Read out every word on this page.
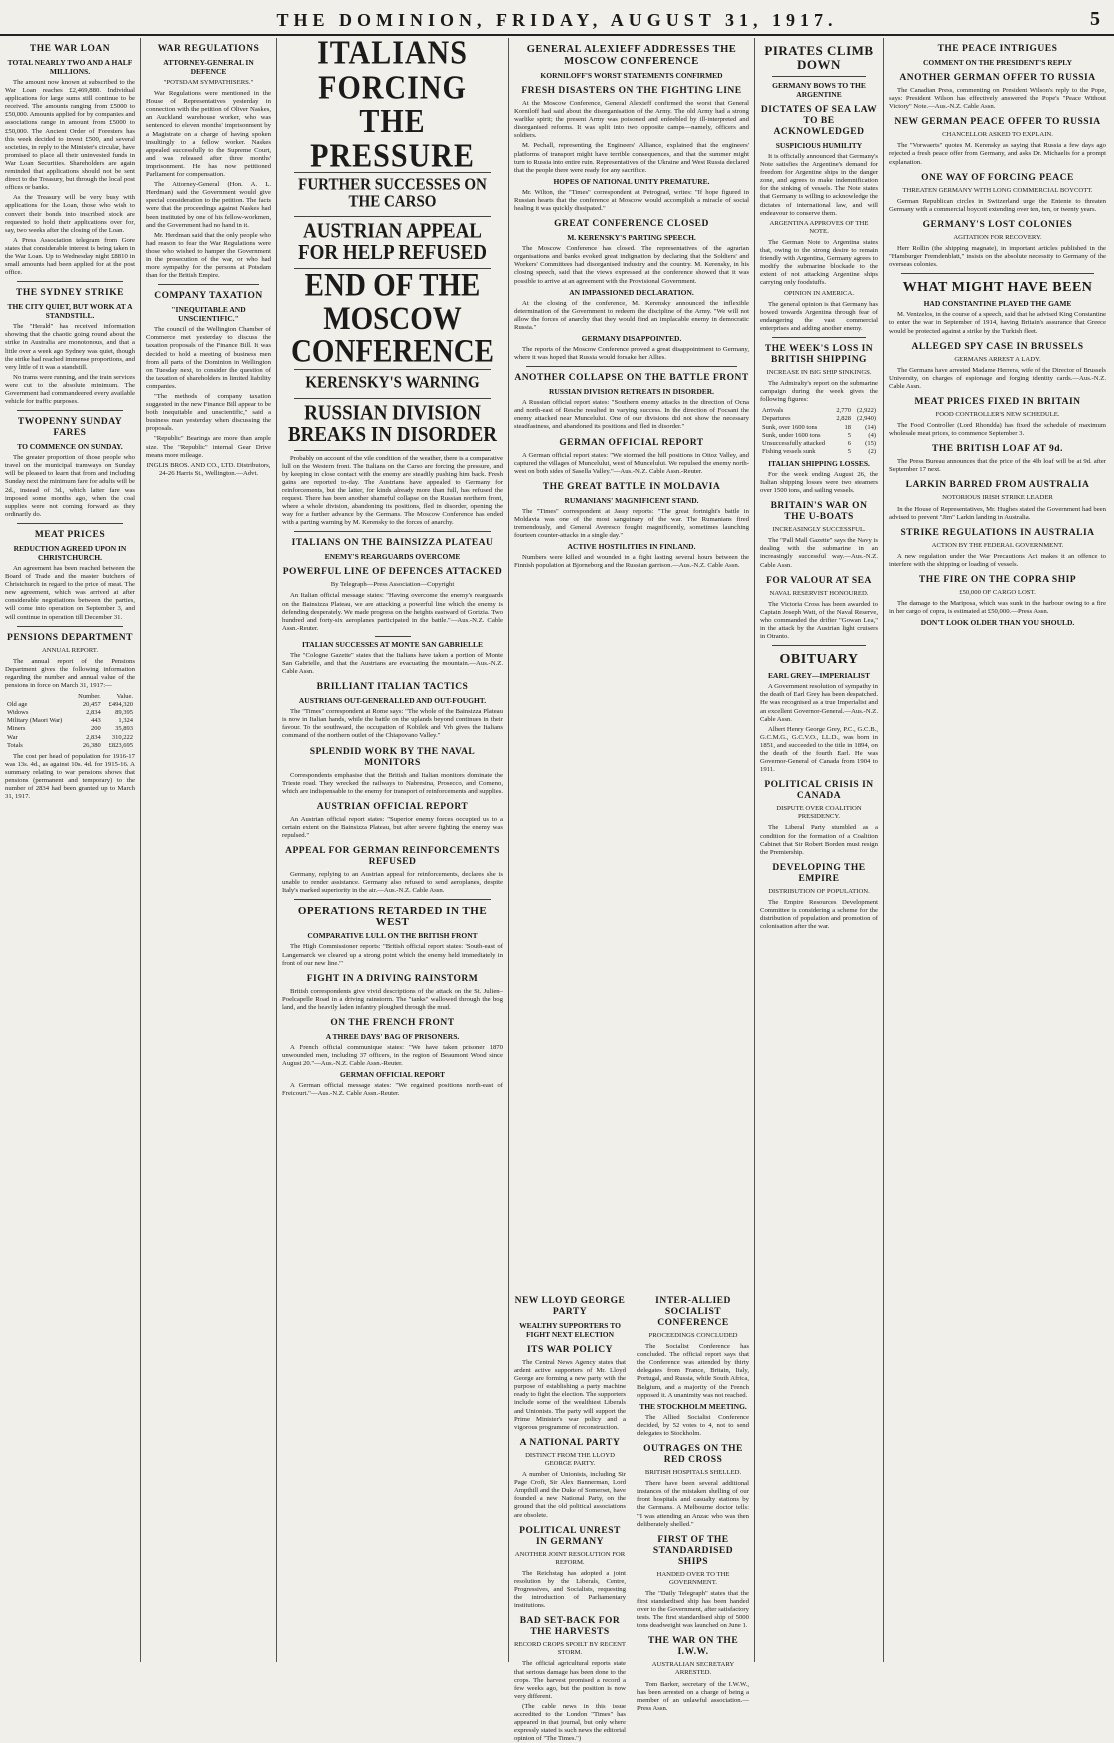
THE DOMINION, FRIDAY, AUGUST 31, 1917.	5
THE WAR LOAN
TOTAL NEARLY TWO AND A HALF MILLIONS.

The amount now known at subscribed to the War Loan reaches £2,469,880. Individual applications for large sums still continue to be received. The amounts ranging from £5000 to £50,000. Amounts applied for by companies and associations range in amount from £5000 to £50,000. The Ancient Order of Foresters has this week decided to invest £500, and several societies, in reply to the Minister's circular, have promised to place all their uninvested funds in War Loan Securities. Shareholders are again reminded that applications should not be sent direct to the Treasury, but through the local post offices or banks.

As the Treasury will be very busy with applications for the Loan, those who wish to convert their bonds into inscribed stock are requested to hold their applications over for, say, two weeks after the closing of the Loan.

A Press Association telegram from Gore states that considerable interest is being taken in the War Loan. Up to Wednesday night £8810 in small amounts had been applied for at the post office.

THE SYDNEY STRIKE
THE CITY QUIET, BUT WORK AT A STANDSTILL.

The "Herald" has received information showing that the chaotic going round about the strike in Australia are monotonous, and that a little over a week ago Sydney was quiet, though the strike had reached immense proportions, and very little of it was a standstill.

No trams were running, and the train services were cut to the absolute minimum. The Government had commandeered every available vehicle for traffic purposes.

TWOPENNY SUNDAY FARES
TO COMMENCE ON SUNDAY.

The greater proportion of those people who travel on the municipal tramways on Sunday will be pleased to learn that from and including Sunday next the minimum fare for adults will be 2d., instead of 3d., which latter fare was imposed some months ago, when the coal supplies were not coming forward as they ordinarily do.

MEAT PRICES
REDUCTION AGREED UPON IN CHRISTCHURCH.

An agreement has been reached between the Board of Trade and the master butchers of Christchurch in regard to the price of meat. The new agreement, which was arrived at after considerable negotiations between the parties, will come into operation on September 3, and will continue in operation till December 31.

PENSIONS DEPARTMENT
ANNUAL REPORT.

The annual report of the Pensions Department gives the following information regarding the number and annual value of the pensions in force on March 31, 1917:—

	Number.	Value.
Old age	20,457	£494,320
Widows	2,834	89,395
Military (Maori War)	443	1,324
Miners	200	35,893
War	2,834	310,222
Totals	26,380	£823,695

The cost per head of population for 1916-17 was 13s. 4d., as against 10s. 4d. for 1915-16. A summary relating to war pensions shows that pensions (permanent and temporary) to the number of 2834 had been granted up to March 31, 1917.

WAR REGULATIONS
ATTORNEY-GENERAL IN DEFENCE
"POTSDAM SYMPATHISERS."

War Regulations were mentioned in the House of Representatives yesterday in connection with the petition of Oliver Naskes, an Auckland warehouse worker, who was sentenced to eleven months' imprisonment by a Magistrate on a charge of having spoken insultingly to a fellow worker. Naskes appealed successfully to the Supreme Court, and was released after three months' imprisonment. He has now petitioned Parliament for compensation.

The Attorney-General (Hon. A. L. Herdman) said the Government would give special consideration to the petition. The facts were that the proceedings against Naskes had been instituted by one of his fellow-workmen, and the Government had no hand in it.

Mr. Herdman said that the only people who had reason to fear the War Regulations were those who wished to hamper the Government in the prosecution of the war, or who had more sympathy for the persons at Potsdam than for the British Empire.

COMPANY TAXATION
"INEQUITABLE AND UNSCIENTIFIC."

The council of the Wellington Chamber of Commerce met yesterday to discuss the taxation proposals of the Finance Bill. It was decided to hold a meeting of business men from all parts of the Dominion in Wellington on Tuesday next, to consider the question of the taxation of shareholders in limited liability companies.

"The methods of company taxation suggested in the new Finance Bill appear to be both inequitable and unscientific," said a business man yesterday when discussing the proposals.

"Republic" Bearings are more than ample size. The "Republic" internal Gear Drive means more mileage.

INGLIS BROS. AND CO., LTD. Distributors, 24-26 Harris St., Wellington.—Advt.
ITALIANS FORCING THE PRESSURE
FURTHER SUCCESSES ON THE CARSO
AUSTRIAN APPEAL FOR HELP REFUSED
END OF THE MOSCOW CONFERENCE
KERENSKY'S WARNING
RUSSIAN DIVISION BREAKS IN DISORDER

Probably on account of the vile condition of the weather, there is a comparative lull on the Western front. The Italians on the Carso are forcing the pressure, and by keeping in close contact with the enemy are steadily pushing him back. Fresh gains are reported to-day. The Austrians have appealed to Germany for reinforcements, but the latter, for kinds already more than full, has refused the request. There has been another shameful collapse on the Russian northern front, where a whole division, abandoning its positions, fled in disorder, opening the way for a further advance by the Germans. The Moscow Conference has ended with a parting warning by M. Kerensky to the forces of anarchy.

ITALIANS ON THE BAINSIZZA PLATEAU
ENEMY'S REARGUARDS OVERCOME
POWERFUL LINE OF DEFENCES ATTACKED
By Telegraph—Press Association—Copyright

An Italian official message states: "Having overcome the enemy's rearguards on the Bainsizza Plateau, we are attacking a powerful line which the enemy is defending desperately. We made progress on the heights eastward of Gorizia. Two hundred and forty-six aeroplanes participated in the battle."—Aus.-N.Z. Cable Assn.-Reuter.

ITALIAN SUCCESSES AT MONTE SAN GABRIELLE

The "Cologne Gazette" states that the Italians have taken a portion of Monte San Gabrielle, and that the Austrians are evacuating the mountain.—Aus.-N.Z. Cable Assn.

BRILLIANT ITALIAN TACTICS
AUSTRIANS OUT-GENERALLED AND OUT-FOUGHT.

The "Times" correspondent at Rome says: "The whole of the Bainsizza Plateau is now in Italian hands, while the battle on the uplands beyond continues in their favour. To the southward, the occupation of Kobilek and Vrh gives the Italians command of the northern outlet of the Chiapovano Valley."

SPLENDID WORK BY THE NAVAL MONITORS

Correspondents emphasise that the British and Italian monitors dominate the Trieste road. They wrecked the railways to Nabresina, Prosecco, and Comeno, which are indispensable to the enemy for transport of reinforcements and supplies.

AUSTRIAN OFFICIAL REPORT

An Austrian official report states: "Superior enemy forces occupied us to a certain extent on the Bainsizza Plateau, but after severe fighting the enemy was repulsed."

APPEAL FOR GERMAN REINFORCEMENTS REFUSED

Germany, replying to an Austrian appeal for reinforcements, declares she is unable to render assistance. Germany also refused to send aeroplanes, despite Italy's marked superiority in the air.—Aus.-N.Z. Cable Assn.

OPERATIONS RETARDED IN THE WEST
COMPARATIVE LULL ON THE BRITISH FRONT

The High Commissioner reports: "British official report states: 'South-east of Langemarck we cleared up a strong point which the enemy held immediately in front of our new line.'"

FIGHT IN A DRIVING RAINSTORM

British correspondents give vivid descriptions of the attack on the St. Julien–Poelcapelle Road in a driving rainstorm. The "tanks" wallowed through the bog land, and the heavily laden infantry ploughed through the mud.

ON THE FRENCH FRONT
A THREE DAYS' BAG OF PRISONERS.

A French official communique states: "We have taken prisoner 1870 unwounded men, including 37 officers, in the region of Beaumont Wood since August 20."—Aus.-N.Z. Cable Assn.-Reuter.

GERMAN OFFICIAL REPORT

A German official message states: "We regained positions north-east of Freicourt."—Aus.-N.Z. Cable Assn.-Reuter.

GENERAL ALEXIEFF ADDRESSES THE MOSCOW CONFERENCE
KORNILOFF'S WORST STATEMENTS CONFIRMED
FRESH DISASTERS ON THE FIGHTING LINE

At the Moscow Conference, General Alexieff confirmed the worst that General Korniloff had said about the disorganisation of the Army. The old Army had a strong warlike spirit; the present Army was poisoned and enfeebled by ill-interpreted and disorganised reforms. It was split into two opposite camps—namely, officers and soldiers.

M. Pechall, representing the Engineers' Alliance, explained that the engineers' platforms of transport might have terrible consequences, and that the summer might turn to Russia into entire ruin. Representatives of the Ukraine and West Russia declared that the people there were ready for any sacrifice.

HOPES OF NATIONAL UNITY PREMATURE.

Mr. Wilton, the "Times" correspondent at Petrograd, writes: "If hope figured in Russian hearts that the conference at Moscow would accomplish a miracle of social healing it was quickly dissipated."

GREAT CONFERENCE CLOSED
M. KERENSKY'S PARTING SPEECH.

The Moscow Conference has closed. The representatives of the agrarian organisations and banks evoked great indignation by declaring that the Soldiers' and Workers' Committees had disorganised industry and the country. M. Kerensky, in his closing speech, said that the views expressed at the conference showed that it was possible to arrive at an agreement with the Provisional Government.

AN IMPASSIONED DECLARATION.

At the closing of the conference, M. Kerensky announced the inflexible determination of the Government to redeem the discipline of the Army. "We will not allow the forces of anarchy that they would find an implacable enemy in democratic Russia."

GERMANY DISAPPOINTED.

The reports of the Moscow Conference proved a great disappointment to Germany, where it was hoped that Russia would forsake her Allies.

ANOTHER COLLAPSE ON THE BATTLE FRONT
RUSSIAN DIVISION RETREATS IN DISORDER.

A Russian official report states: "Southern enemy attacks in the direction of Ocna and north-east of Resche resulted in varying success. In the direction of Focsani the enemy attacked near Muncelului. One of our divisions did not show the necessary steadfastness, and abandoned its positions and fled in disorder."

GERMAN OFFICIAL REPORT

A German official report states: "We stormed the hill positions in Oitoz Valley, and captured the villages of Muncelului, west of Muncelului. We repulsed the enemy north-west on both sides of Sasella Valley."—Aus.-N.Z. Cable Assn.-Reuter.

THE GREAT BATTLE IN MOLDAVIA
RUMANIANS' MAGNIFICENT STAND.

The "Times" correspondent at Jassy reports: "The great fortnight's battle in Moldavia was one of the most sanguinary of the war. The Rumanians fired tremendously, and General Averesco fought magnificently, sometimes launching fourteen counter-attacks in a single day."

ACTIVE HOSTILITIES IN FINLAND.

Numbers were killed and wounded in a fight lasting several hours between the Finnish population at Bjorneborg and the Russian garrison.—Aus.-N.Z. Cable Assn.

NEW LLOYD GEORGE PARTY
WEALTHY SUPPORTERS TO FIGHT NEXT ELECTION
ITS WAR POLICY

The Central News Agency states that ardent active supporters of Mr. Lloyd George are forming a new party with the purpose of establishing a party machine ready to fight the election. The supporters include some of the wealthiest Liberals and Unionists. The party will support the Prime Minister's war policy and a vigorous programme of reconstruction.

A NATIONAL PARTY
DISTINCT FROM THE LLOYD GEORGE PARTY.

A number of Unionists, including Sir Page Croft, Sir Alex Bannerman, Lord Ampthill and the Duke of Somerset, have founded a new National Party, on the ground that the old political associations are obsolete.

POLITICAL UNREST IN GERMANY
ANOTHER JOINT RESOLUTION FOR REFORM.

The Reichstag has adopted a joint resolution by the Liberals, Centre, Progressives, and Socialists, requesting the introduction of Parliamentary institutions.

BAD SET-BACK FOR THE HARVESTS
RECORD CROPS SPOILT BY RECENT STORM.

The official agricultural reports state that serious damage has been done to the crops. The harvest promised a record a few weeks ago, but the position is now very different.

(The cable news in this issue accredited to the London "Times" has appeared in that journal, but only where expressly stated is such news the editorial opinion of "The Times.")

INTER-ALLIED SOCIALIST CONFERENCE
PROCEEDINGS CONCLUDED

The Socialist Conference has concluded. The official report says that the Conference was attended by thirty delegates from France, Britain, Italy, Portugal, and Russia, while South Africa, Belgium, and a majority of the French opposed it. A unanimity was not reached.

THE STOCKHOLM MEETING.

The Allied Socialist Conference decided, by 52 votes to 4, not to send delegates to Stockholm.

OUTRAGES ON THE RED CROSS
BRITISH HOSPITALS SHELLED.

There have been several additional instances of the mistaken shelling of our front hospitals and casualty stations by the Germans. A Melbourne doctor tells: "I was attending an Anzac who was then deliberately shelled."

FIRST OF THE STANDARDISED SHIPS
HANDED OVER TO THE GOVERNMENT.

The "Daily Telegraph" states that the first standardised ship has been handed over to the Government, after satisfactory tests. The first standardised ship of 5000 tons deadweight was launched on June 1.

THE WAR ON THE I.W.W.
AUSTRALIAN SECRETARY ARRESTED.

Tom Barker, secretary of the I.W.W., has been arrested on a charge of being a member of an unlawful association.—Press Assn.

PIRATES CLIMB DOWN
GERMANY BOWS TO THE ARGENTINE
DICTATES OF SEA LAW TO BE ACKNOWLEDGED
SUSPICIOUS HUMILITY

It is officially announced that Germany's Note satisfies the Argentine's demand for freedom for Argentine ships in the danger zone, and agrees to make indemnification for the sinking of vessels. The Note states that Germany is willing to acknowledge the dictates of international law, and will endeavour to conserve them.

ARGENTINA APPROVES OF THE NOTE.

The German Note to Argentina states that, owing to the strong desire to remain friendly with Argentina, Germany agrees to modify the submarine blockade to the extent of not attacking Argentine ships carrying only foodstuffs.

OPINION IN AMERICA.

The general opinion is that Germany has bowed towards Argentina through fear of endangering the vast commercial enterprises and adding another enemy.

THE WEEK'S LOSS IN BRITISH SHIPPING
INCREASE IN BIG SHIP SINKINGS.

The Admiralty's report on the submarine campaign during the week gives the following figures:

Arrivals	2,770	(2,922)
Departures	2,828	(2,940)
Sunk, over 1600 tons	18	(14)
Sunk, under 1600 tons	5	(4)
Unsuccessfully attacked	6	(15)
Fishing vessels sunk	5	(2)
ITALIAN SHIPPING LOSSES.

For the week ending August 26, the Italian shipping losses were two steamers over 1500 tons, and sailing vessels.

BRITAIN'S WAR ON THE U-BOATS
INCREASINGLY SUCCESSFUL.

The "Pall Mall Gazette" says the Navy is dealing with the submarine in an increasingly successful way.—Aus.-N.Z. Cable Assn.

FOR VALOUR AT SEA
NAVAL RESERVIST HONOURED.

The Victoria Cross has been awarded to Captain Joseph Watt, of the Naval Reserve, who commanded the drifter "Gowan Lea," in the attack by the Austrian light cruisers in Otranto.

OBITUARY
EARL GREY—IMPERIALIST

A Government resolution of sympathy in the death of Earl Grey has been despatched. He was recognised as a true Imperialist and an excellent Governor-General.—Aus.-N.Z. Cable Assn.

Albert Henry George Grey, P.C., G.C.B., G.C.M.G., G.C.V.O., LL.D., was born in 1851, and succeeded to the title in 1894, on the death of the fourth Earl. He was Governor-General of Canada from 1904 to 1911.

POLITICAL CRISIS IN CANADA
DISPUTE OVER COALITION PRESIDENCY.

The Liberal Party stumbled as a condition for the formation of a Coalition Cabinet that Sir Robert Borden must resign the Premiership.

DEVELOPING THE EMPIRE
DISTRIBUTION OF POPULATION.

The Empire Resources Development Committee is considering a scheme for the distribution of population and promotion of colonisation after the war.

THE PEACE INTRIGUES
COMMENT ON THE PRESIDENT'S REPLY
ANOTHER GERMAN OFFER TO RUSSIA

The Canadian Press, commenting on President Wilson's reply to the Pope, says: President Wilson has effectively answered the Pope's "Peace Without Victory" Note.—Aus.-N.Z. Cable Assn.

NEW GERMAN PEACE OFFER TO RUSSIA
CHANCELLOR ASKED TO EXPLAIN.

The "Vorwaerts" quotes M. Kerensky as saying that Russia a few days ago rejected a fresh peace offer from Germany, and asks Dr. Michaelis for a prompt explanation.

ONE WAY OF FORCING PEACE
THREATEN GERMANY WITH LONG COMMERCIAL BOYCOTT.

German Republican circles in Switzerland urge the Entente to threaten Germany with a commercial boycott extending over ten, ten, or twenty years.

GERMANY'S LOST COLONIES
AGITATION FOR RECOVERY.

Herr Rollin (the shipping magnate), in important articles published in the "Hamburger Fremdenblatt," insists on the absolute necessity to Germany of the overseas colonies.

WHAT MIGHT HAVE BEEN
HAD CONSTANTINE PLAYED THE GAME

M. Venizelos, in the course of a speech, said that he advised King Constantine to enter the war in September of 1914, having Britain's assurance that Greece would be protected against a strike by the Turkish fleet.

ALLEGED SPY CASE IN BRUSSELS
GERMANS ARREST A LADY.

The Germans have arrested Madame Herrera, wife of the Director of Brussels University, on charges of espionage and forging identity cards.—Aus.-N.Z. Cable Assn.

MEAT PRICES FIXED IN BRITAIN
FOOD CONTROLLER'S NEW SCHEDULE.

The Food Controller (Lord Rhondda) has fixed the schedule of maximum wholesale meat prices, to commence September 3.

THE BRITISH LOAF AT 9d.

The Press Bureau announces that the price of the 4lb loaf will be at 9d. after September 17 next.

LARKIN BARRED FROM AUSTRALIA
NOTORIOUS IRISH STRIKE LEADER

In the House of Representatives, Mr. Hughes stated the Government had been advised to prevent "Jim" Larkin landing in Australia.

STRIKE REGULATIONS IN AUSTRALIA
ACTION BY THE FEDERAL GOVERNMENT.

A new regulation under the War Precautions Act makes it an offence to interfere with the shipping or loading of vessels.

THE FIRE ON THE COPRA SHIP
£50,000 OF CARGO LOST.

The damage to the Mariposa, which was sunk in the harbour owing to a fire in her cargo of copra, is estimated at £50,000.—Press Assn.

DON'T LOOK OLDER THAN YOU SHOULD.
